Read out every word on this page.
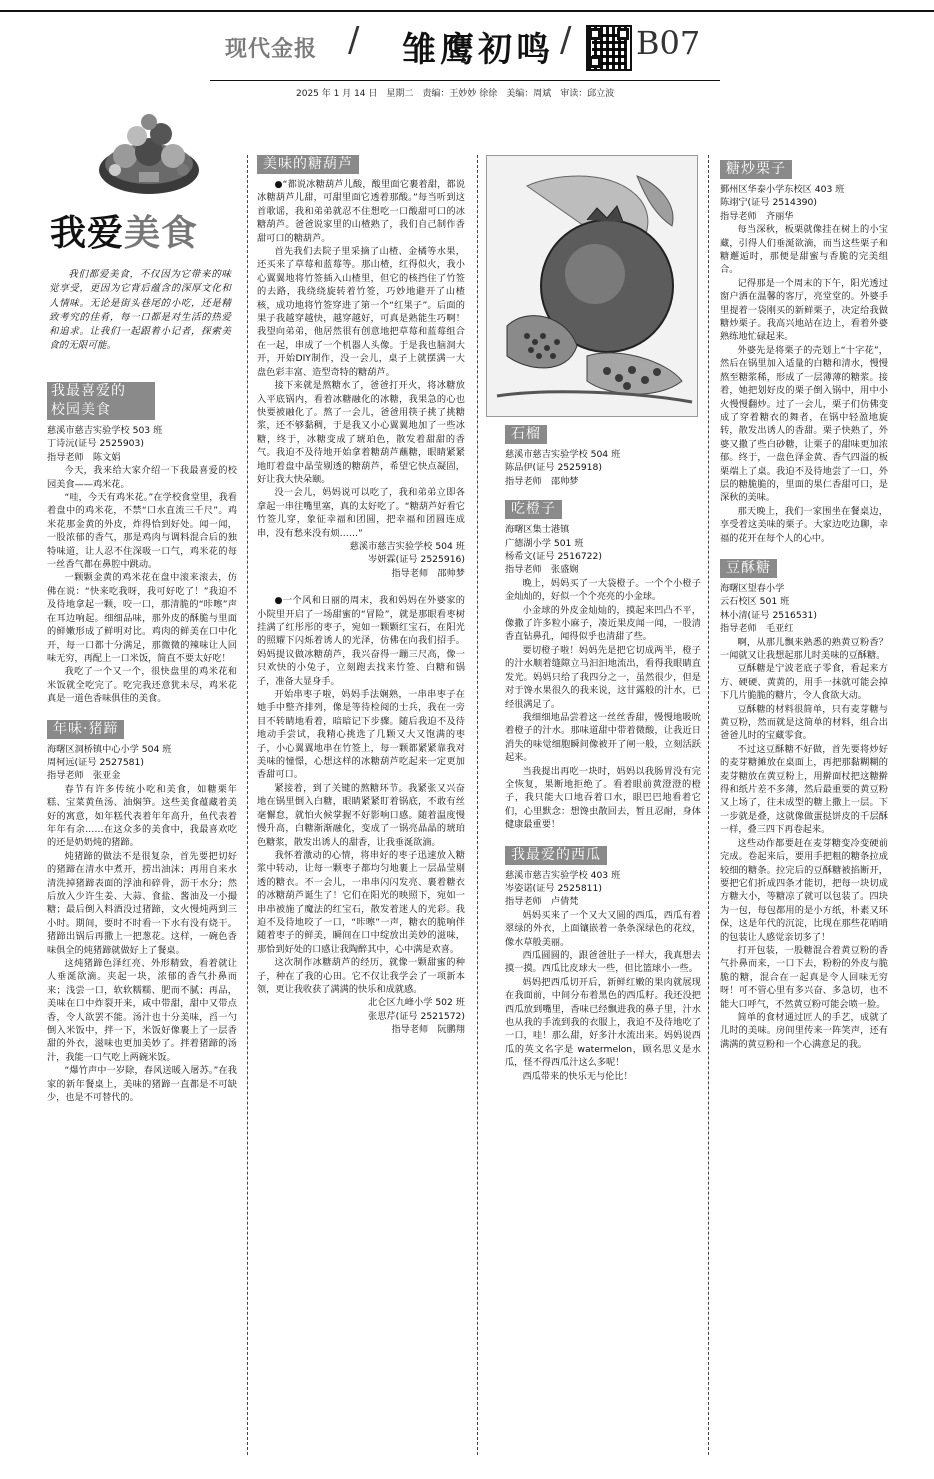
现代金报 / 雏鹰初鸣 / B07
2025 年 1 月 14 日　星期二　责编：王妙妙 徐徐　美编：周斌　审读：邱立波
我爱美食
我们都爱美食，不仅因为它带来的味觉享受，更因为它背后蕴含的深厚文化和人情味。无论是街头巷尾的小吃，还是精致考究的佳肴，每一口都是对生活的热爱和追求。让我们一起跟着小记者，探索美食的无限可能。
我最喜爱的
校园美食
慈溪市慈吉实验学校 503 班
丁诗沅(证号 2525903)
指导老师　陈文娟

今天，我来给大家介绍一下我最喜爱的校园美食——鸡米花。

“哇，今天有鸡米花。”在学校食堂里，我看着盘中的鸡米花，不禁“口水直流三千尺”。鸡米花那金黄的外皮，炸得恰到好处。闻一闻，一股浓郁的香气，那是鸡肉与调料混合后的独特味道，让人忍不住深吸一口气，鸡米花的每一丝香气都在鼻腔中跳动。

一颗颗金黄的鸡米花在盘中滚来滚去，仿佛在说：“快来吃我呀，我可好吃了！”我迫不及待地拿起一颗，咬一口，那清脆的“咔嚓”声在耳边响起。细细品味，那外皮的酥脆与里面的鲜嫩形成了鲜明对比。鸡肉的鲜美在口中化开，每一口都十分满足，那微微的辣味让人回味无穷，再配上一口米饭，简直不要太好吃！

我吃了一个又一个，很快盘里的鸡米花和米饭就全吃完了。吃完我还意犹未尽，鸡米花真是一道色香味俱佳的美食。

年味·猪蹄
海曙区洞桥镇中心小学 504 班
周柯远(证号 2527581)
指导老师　张亚金

春节有许多传统小吃和美食，如糖栗年糕、宝菜黄鱼汤、油焖笋。这些美食蕴藏着美好的寓意，如年糕代表着年年高升，鱼代表着年年有余……在这众多的美食中，我最喜欢吃的还是奶奶炖的猪蹄。

炖猪蹄的做法不是很复杂，首先要把切好的猪蹄在清水中煮开，捞出油沫；再用自来水清洗掉猪蹄表面的浮油和碎骨，沥干水分；然后放入少许生姜、大蒜、食盐、酱油及一小撮糖；最后倒入料酒没过猪蹄，文火慢炖两到三小时。期间，要时不时看一下水有没有烧干。猪蹄出锅后再撒上一把葱花。这样，一碗色香味俱全的炖猪蹄就做好上了餐桌。

这炖猪蹄色泽红亮、外形精致，看着就让人垂涎欲滴。夹起一块，浓郁的香气扑鼻而来；浅尝一口，软软糯糯、肥而不腻；再品，美味在口中炸裂开来，咸中带甜，甜中又带点香，令人欲罢不能。汤汁也十分美味，舀一勺倒入米饭中，拌一下，米饭好像裹上了一层香甜的外衣，滋味也更加美妙了。拌着猪蹄的汤汁，我能一口气吃上两碗米饭。

“爆竹声中一岁除，春风送暖入屠苏。”在我家的新年餐桌上，美味的猪蹄一直都是不可缺少，也是不可替代的。

美味的糖葫芦

●“都说冰糖葫芦儿酸，酸里面它裹着甜，都说冰糖葫芦儿甜，可甜里面它透着那酸。”每当听到这首歌谣，我和弟弟就忍不住想吃一口酸甜可口的冰糖葫芦。爸爸说家里的山楂熟了，我们自己制作香甜可口的糖葫芦。

首先我们去院子里采摘了山楂、金橘等水果，还买来了草莓和蓝莓等。那山楂，红得似火，我小心翼翼地将竹签插入山楂里，但它的核挡住了竹签的去路，我绕绕旋转着竹签，巧妙地避开了山楂核，成功地将竹签穿进了第一个“红果子”。后面的果子我越穿越快，越穿越好，可真是熟能生巧啊！我望向弟弟，他居然很有创意地把草莓和蓝莓组合在一起，串成了一个机器人头像。于是我也脑洞大开，开始DIY制作，没一会儿，桌子上就摆满一大盘色彩丰富、造型奇特的糖葫芦。

接下来就是熬糖水了，爸爸打开火，将冰糖放入平底锅内，看着冰糖融化的冰糖，我果急的心也快要被融化了。熬了一会儿，爸爸用筷子挑了挑糖浆，还不够黏稠，于是我又小心翼翼地加了一些冰糖，终于，冰糖变成了琥珀色，散发着甜甜的香气。我迫不及待地开始拿着糖葫芦蘸糖，眼睛紧紧地盯着盘中晶莹剔透的糖葫芦，希望它快点凝固，好让我大快朵颐。

没一会儿，妈妈说可以吃了，我和弟弟立即各拿起一串往嘴里塞，真的太好吃了。“糖葫芦好看它竹签儿穿，象征幸福和团圆，把幸福和团圆连成串，没有愁来没有烦……”

慈溪市慈吉实验学校 504 班
岑妍霖(证号 2525916)
指导老师　邵帅梦

●一个风和日丽的周末，我和妈妈在外婆家的小院里开启了一场甜蜜的“冒险”，就是那眼看枣树挂满了红彤彤的枣子，宛如一颗颗红宝石，在阳光的照耀下闪烁着诱人的光泽，仿佛在向我们招手。妈妈提议做冰糖葫芦，我兴奋得一蹦三尺高，像一只欢快的小兔子，立刻跑去找来竹签、白糖和锅子，准备大显身手。

开始串枣子啦，妈妈手法娴熟，一串串枣子在她手中整齐排列，像是等待检阅的士兵，我在一旁目不转睛地看着，暗暗记下步骤。随后我迫不及待地动手尝试，我精心挑选了几颗又大又饱满的枣子，小心翼翼地串在竹签上，每一颗都紧紧靠我对美味的憧憬，心想这样的冰糖葫芦吃起来一定更加香甜可口。

紧接着，到了关键的熬糖环节。我紧张又兴奋地在锅里倒入白糖，眼睛紧紧盯着锅底，不敢有丝毫懈怠，就怕火候掌握不好影响口感。随着温度慢慢升高，白糖渐渐融化，变成了一锅亮晶晶的琥珀色糖浆，散发出诱人的甜香，让我垂涎欲滴。

我怀着激动的心情，将串好的枣子迅速放入糖浆中转动，让每一颗枣子都均匀地裹上一层晶莹剔透的糖衣。不一会儿，一串串闪闪发亮、裹着糖衣的冰糖葫芦诞生了！它们在阳光的映照下，宛如一串串被施了魔法的红宝石，散发着迷人的光彩。我迫不及待地咬了一口，“咔嚓”一声，糖衣的脆响伴随着枣子的鲜美，瞬间在口中绽放出美妙的滋味，那恰到好处的口感让我陶醉其中，心中满是欢喜。

这次制作冰糖葫芦的经历，就像一颗甜蜜的种子，种在了我的心田。它不仅让我学会了一项新本领，更让我收获了满满的快乐和成就感。

北仑区九峰小学 502 班
张思芹(证号 2521572)
指导老师　阮鹏翔
石榴
慈溪市慈吉实验学校 504 班
陈品伊(证号 2525918)
指导老师　邵帅梦
吃橙子
海曙区集士港镇
广德湖小学 501 班
杨希文(证号 2516722)
指导老师　张盛娴

晚上，妈妈买了一大袋橙子。一个个小橙子金灿灿的，好似一个个亮亮的小金球。

小金球的外皮金灿灿的，摸起来凹凸不平，像撒了许多粒小麻子，凑近果皮闻一闻，一股清香直钻鼻孔，闻得似乎也清甜了些。

要切橙子啦！妈妈先是把它切成两半，橙子的汁水顺着缝隙立马汩汩地流出，看得我眼睛直发光。妈妈只给了我四分之一，虽然很少，但是对于馋水果很久的我来说，这甘露般的汁水，已经很满足了。

我细细地品尝着这一丝丝香甜，慢慢地吸吮着橙子的汁水。那味道甜中带着微酸，让我近日消失的味觉细胞瞬间像被开了闸一般，立刻活跃起来。

当我提出再吃一块时，妈妈以我肠胃没有完全恢复，果断地拒绝了。看着眼前黄澄澄的橙子，我只能大口地吞着口水，眼巴巴地看着它们，心里默念：想馋虫散回去，暂且忍耐，身体健康最重要！

我最爱的西瓜
慈溪市慈吉实验学校 403 班
岑姿诺(证号 2525811)
指导老师　卢倩梵

妈妈买来了一个又大又圆的西瓜，西瓜有着翠绿的外衣，上面镶嵌着一条条深绿色的花纹，像水草般美丽。

西瓜圆圆的，跟爸爸肚子一样大，我真想去摸一摸。西瓜比皮球大一些，但比篮球小一些。

妈妈把西瓜切开后，新鲜红嫩的果肉就展现在我面前，中间分布着黑色的西瓜籽。我还没把西瓜放到嘴里，香味已经飘进我的鼻子里，汁水也从我的手流到我的衣服上，我迫不及待地吃了一口，哇！那么甜，好多汁水流出来。妈妈说西瓜的英文名字是 watermelon，顾名思义是水瓜，怪不得西瓜汁这么多呢！

西瓜带来的快乐无与伦比！

糖炒栗子
鄞州区华泰小学东校区 403 班
陈翊宁(证号 2514390)
指导老师　齐丽华

每当深秋，板栗就像挂在树上的小宝藏，引得人们垂涎欲滴，而当这些栗子和糖邂逅时，那便是甜蜜与香脆的完美组合。

记得那是一个周末的下午，阳光透过窗户洒在温馨的客厅，亮堂堂的。外婆手里提着一袋刚买的新鲜栗子，决定给我做糖炒栗子。我高兴地站在边上，看着外婆熟练地忙碌起来。

外婆先是将栗子的壳划上“十字花”，然后在锅里加入适量的白糖和清水，慢慢熬至糖浆稀，形成了一层薄薄的糖浆。接着，她把划好皮的栗子倒入锅中，用中小火慢慢翻炒。过了一会儿，栗子们仿佛变成了穿着糖衣的舞者，在锅中轻盈地旋转，散发出诱人的香甜。栗子快熟了，外婆又撒了些白砂糖，让栗子的甜味更加浓郁。终于，一盘色泽金黄、香气四溢的板栗端上了桌。我迫不及待地尝了一口，外层的糖脆脆的，里面的果仁香甜可口，是深秋的美味。

那天晚上，我们一家围坐在餐桌边，享受着这美味的栗子。大家边吃边聊，幸福的花开在每个人的心中。

豆酥糖
海曙区望春小学
云石校区 501 班
林小清(证号 2516531)
指导老师　毛亚红

啊，从那儿飘来熟悉的熟黄豆粉香？一闻就又让我想起那儿时美味的豆酥糖。

豆酥糖是宁波老底子零食，看起来方方、硬硬、黄黄的，用手一抹就可能会掉下几片脆脆的糖片，令人食欲大动。

豆酥糖的材料很简单，只有麦芽糖与黄豆粉，然而就是这简单的材料，组合出爸爸儿时的宝藏零食。

不过这豆酥糖不好做，首先要将炒好的麦芽糖摊放在桌面上，再把那黏糊糊的麦芽糖放在黄豆粉上，用擀面杖把这糖擀得和纸片差不多薄，然后最重要的黄豆粉又上场了，往未成型的糖上撒上一层。下一步就是叠，这就像做蛋挞饼皮的千层酥一样，叠三四下再卷起来。

这些动作都要赶在麦芽糖变冷变硬前完成。卷起来后，要用手把粗的糖条拉成较细的糖条。拉完后的豆酥糖被掐断开，要把它们折成四条才能切，把每一块切成方糖大小，等糖凉了就可以包装了。四块为一包，每包都用的是小方纸，朴素又环保，这是年代的沉淀，比现在那些花哨哨的包装让人感觉亲切多了！

打开包装，一股糖混合着黄豆粉的香气扑鼻而来，一口下去，粉粉的外皮与脆脆的糖，混合在一起真是令人回味无穷呀！可不管心里有多兴奋、多急切，也不能大口呼气，不然黄豆粉可能会喷一脸。

简单的食材通过匠人的手艺，成就了儿时的美味。房间里传来一阵笑声，还有满满的黄豆粉和一个心满意足的我。
